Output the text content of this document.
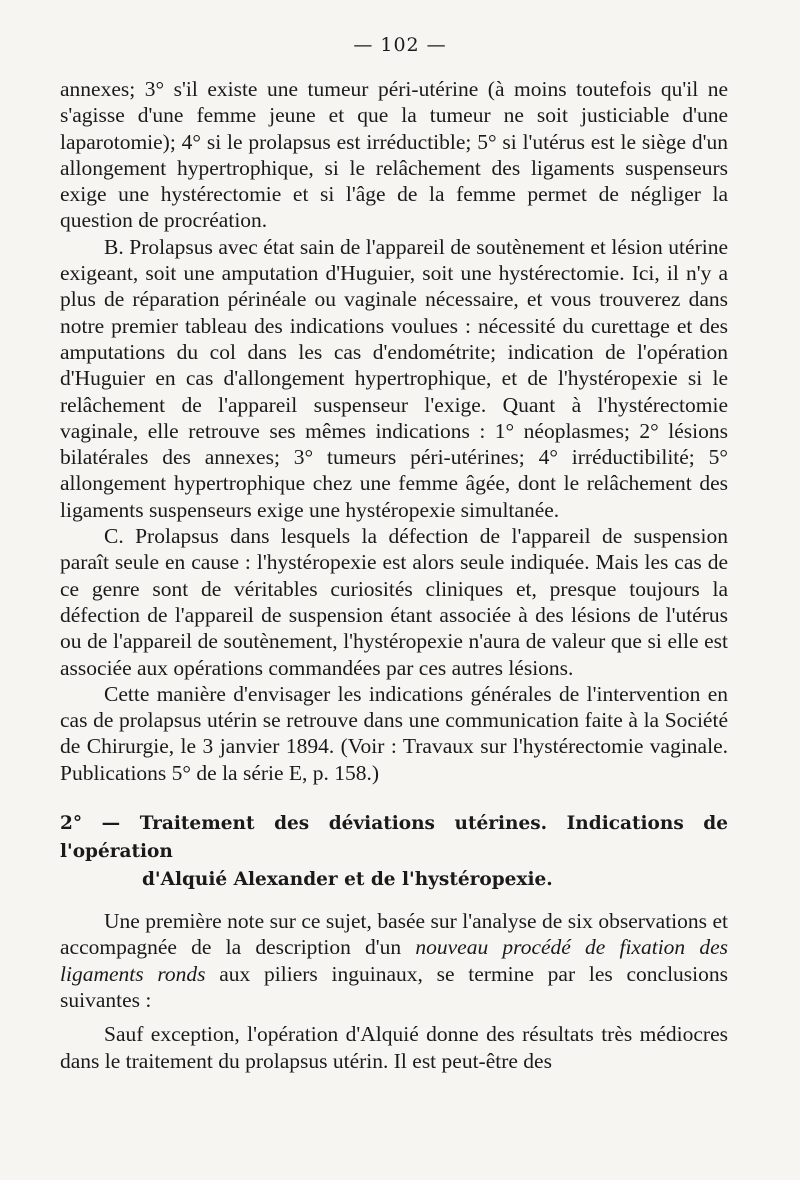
— 102 —

annexes; 3° s'il existe une tumeur péri-utérine (à moins toutefois qu'il ne s'agisse d'une femme jeune et que la tumeur ne soit justiciable d'une laparotomie); 4° si le prolapsus est irréductible; 5° si l'utérus est le siège d'un allongement hypertrophique, si le relâchement des ligaments suspenseurs exige une hystérectomie et si l'âge de la femme permet de négliger la question de procréation.

B. Prolapsus avec état sain de l'appareil de soutènement et lésion utérine exigeant, soit une amputation d'Huguier, soit une hystérectomie. Ici, il n'y a plus de réparation périnéale ou vaginale nécessaire, et vous trouverez dans notre premier tableau des indications voulues : nécessité du curettage et des amputations du col dans les cas d'endométrite; indication de l'opération d'Huguier en cas d'allongement hypertrophique, et de l'hystéropexie si le relâchement de l'appareil suspenseur l'exige. Quant à l'hystérectomie vaginale, elle retrouve ses mêmes indications : 1° néoplasmes; 2° lésions bilatérales des annexes; 3° tumeurs péri-utérines; 4° irréductibilité; 5° allongement hypertrophique chez une femme âgée, dont le relâchement des ligaments suspenseurs exige une hystéropexie simultanée.

C. Prolapsus dans lesquels la défection de l'appareil de suspension paraît seule en cause : l'hystéropexie est alors seule indiquée. Mais les cas de ce genre sont de véritables curiosités cliniques et, presque toujours la défection de l'appareil de suspension étant associée à des lésions de l'utérus ou de l'appareil de soutènement, l'hystéropexie n'aura de valeur que si elle est associée aux opérations commandées par ces autres lésions.

Cette manière d'envisager les indications générales de l'intervention en cas de prolapsus utérin se retrouve dans une communication faite à la Société de Chirurgie, le 3 janvier 1894. (Voir : Travaux sur l'hystérectomie vaginale. Publications 5° de la série E, p. 158.)

2° — Traitement des déviations utérines. Indications de l'opération
d'Alquié Alexander et de l'hystéropexie.

Une première note sur ce sujet, basée sur l'analyse de six observations et accompagnée de la description d'un nouveau procédé de fixation des ligaments ronds aux piliers inguinaux, se termine par les conclusions suivantes :

Sauf exception, l'opération d'Alquié donne des résultats très médiocres dans le traitement du prolapsus utérin. Il est peut-être des
